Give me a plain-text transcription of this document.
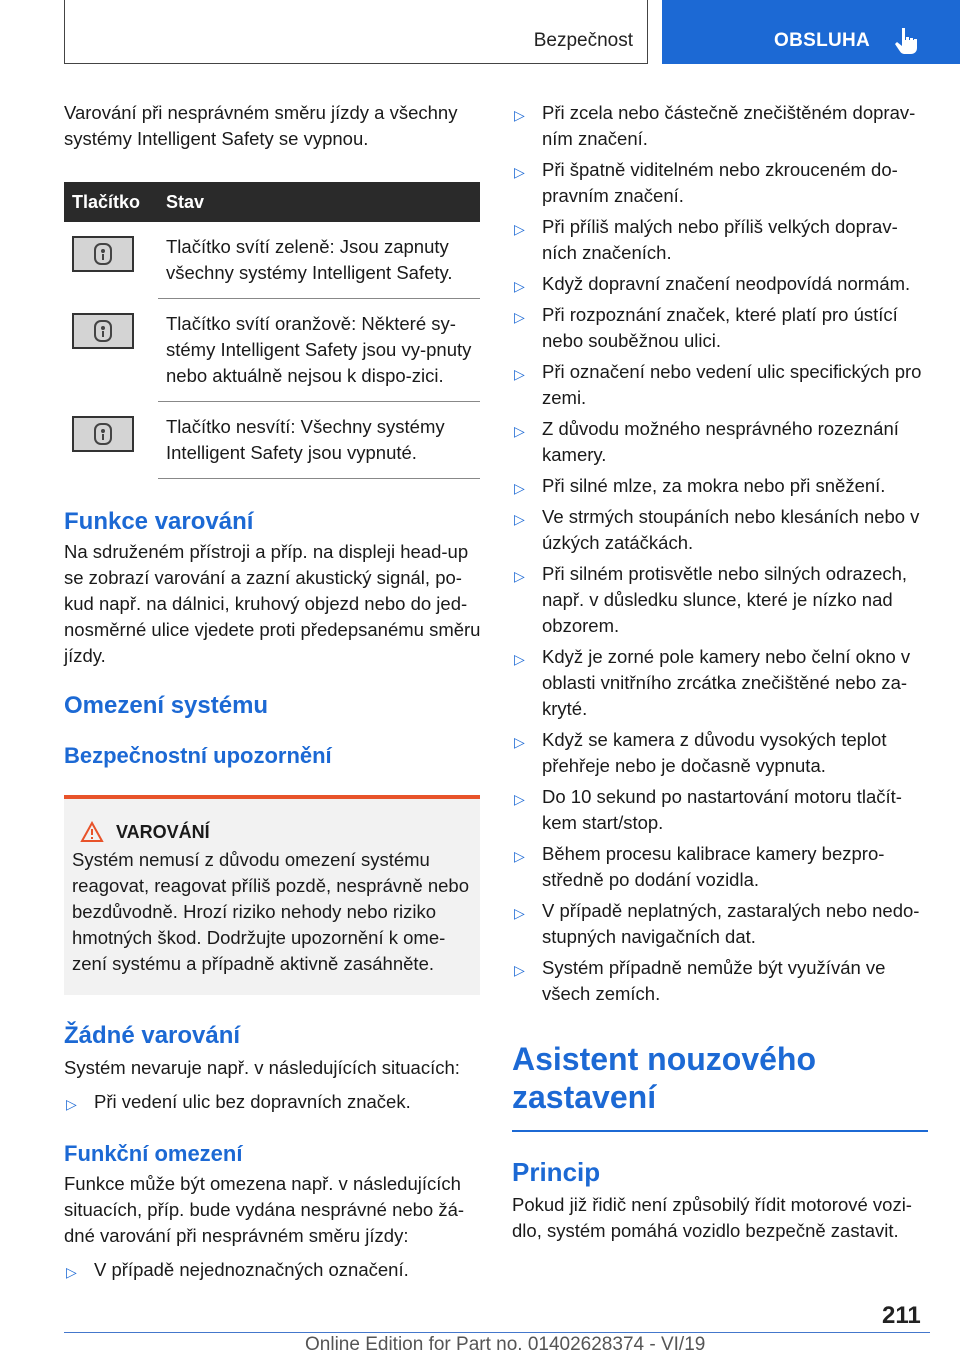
Bezpečnost	OBSLUHA

Varování při nesprávném směru jízdy a všechny systémy Intelligent Safety se vypnou.

Tlačítko	Stav

	Tlačítko svítí zeleně: Jsou zapnuty všechny systémy Intelligent Safety.

	Tlačítko svítí oranžově: Některé sy-stémy Intelligent Safety jsou vy-pnuty nebo aktuálně nejsou k dispo-zici.

	Tlačítko nesvítí: Všechny systémy Intelligent Safety jsou vypnuté.
Funkce varování

Na sdruženém přístroji a příp. na displeji head-up se zobrazí varování a zazní akustický signál, po-kud např. na dálnici, kruhový objezd nebo do jed-nosměrné ulice vjedete proti předepsanému směru jízdy.

Omezení systému
Bezpečnostní upozornění
VAROVÁNÍ

Systém nemusí z důvodu omezení systému reagovat, reagovat příliš pozdě, nesprávně nebo bezdůvodně. Hrozí riziko nehody nebo riziko hmotných škod. Dodržujte upozornění k ome-zení systému a případně aktivně zasáhněte.

Žádné varování

Systém nevaruje např. v následujících situacích:

▷ Při vedení ulic bez dopravních značek.
Funkční omezení

Funkce může být omezena např. v následujících situacích, příp. bude vydána nesprávné nebo žá-dné varování při nesprávném směru jízdy:

▷ V případě nejednoznačných označení.
▷ Při zcela nebo částečně znečištěném doprav-ním značení.
▷ Při špatně viditelném nebo zkrouceném do-pravním značení.
▷ Při příliš malých nebo příliš velkých doprav-ních značeních.
▷ Když dopravní značení neodpovídá normám.
▷ Při rozpoznání značek, které platí pro ústící nebo souběžnou ulici.
▷ Při označení nebo vedení ulic specifických pro zemi.
▷ Z důvodu možného nesprávného rozeznání kamery.
▷ Při silné mlze, za mokra nebo při sněžení.
▷ Ve strmých stoupáních nebo klesáních nebo v úzkých zatáčkách.
▷ Při silném protisvětle nebo silných odrazech, např. v důsledku slunce, které je nízko nad obzorem.
▷ Když je zorné pole kamery nebo čelní okno v oblasti vnitřního zrcátka znečištěné nebo za-kryté.
▷ Když se kamera z důvodu vysokých teplot přehřeje nebo je dočasně vypnuta.
▷ Do 10 sekund po nastartování motoru tlačít-kem start/stop.
▷ Během procesu kalibrace kamery bezpro-středně po dodání vozidla.
▷ V případě neplatných, zastaralých nebo nedo-stupných navigačních dat.
▷ Systém případně nemůže být využíván ve všech zemích.
Asistent nouzového zastavení
Princip

Pokud již řidič není způsobilý řídit motorové vozi-dlo, systém pomáhá vozidlo bezpečně zastavit.

211
Online Edition for Part no. 01402628374 - VI/19
